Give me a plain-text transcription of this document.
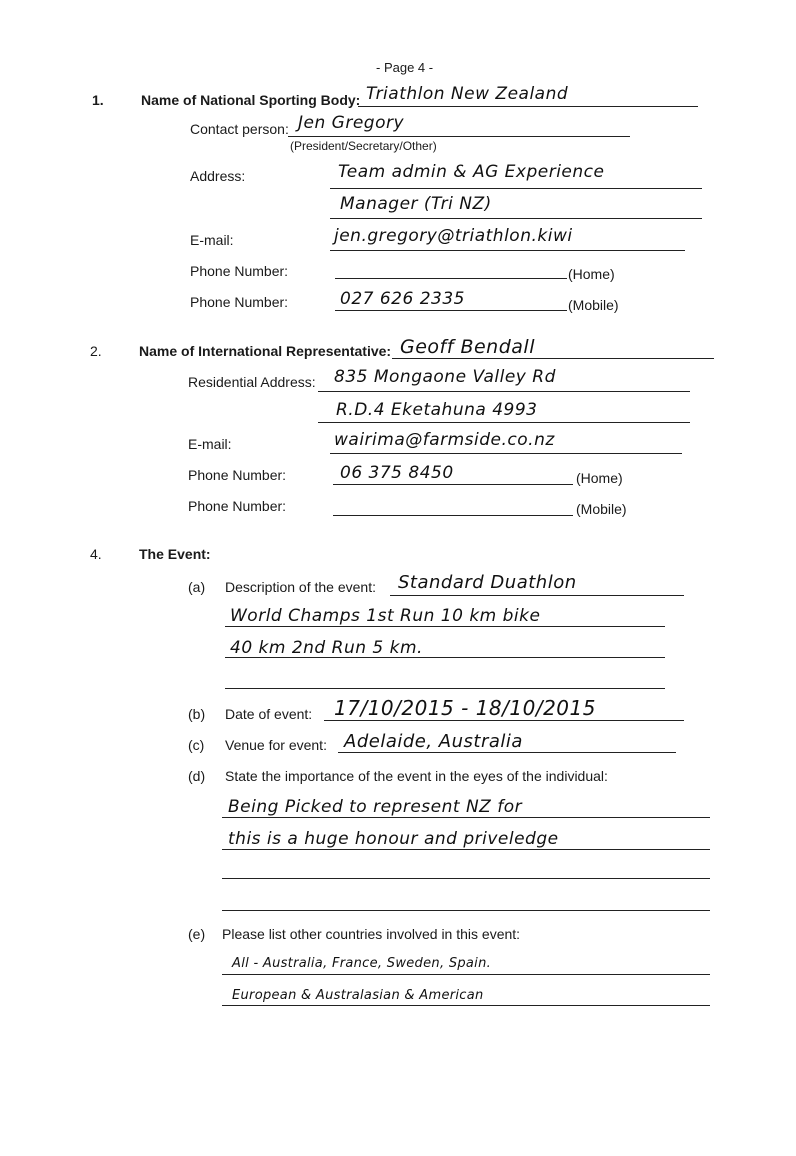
- Page 4 -
1.	Name of National Sporting Body: Triathlon New Zealand
Contact person: Jen Gregory
(President/Secretary/Other)
Address:	Team admin & AG Experience
Manager (Tri NZ)
E-mail:	jen.gregory@triathlon.kiwi
Phone Number:	(Home)
Phone Number:	027 626 2335	(Mobile)
2.	Name of International Representative: Geoff Bendall
Residential Address: 835 Mongaone Valley Rd
R.D.4 Eketahuna 4993
E-mail:	wairima@farmside.co.nz
Phone Number:	06 375 8450	(Home)
Phone Number:	(Mobile)
4.	The Event:
(a) Description of the event: Standard Duathlon
World Champs 1st Run 10 km bike
40 km 2nd Run 5 km.
(b) Date of event: 17/10/2015 - 18/10/2015
(c) Venue for event: Adelaide, Australia
(d) State the importance of the event in the eyes of the individual:
Being Picked to represent NZ for
this is a huge honour and priveledge
(e) Please list other countries involved in this event:
All - Australia, France, Sweden, Spain.
European & Australasian & American
